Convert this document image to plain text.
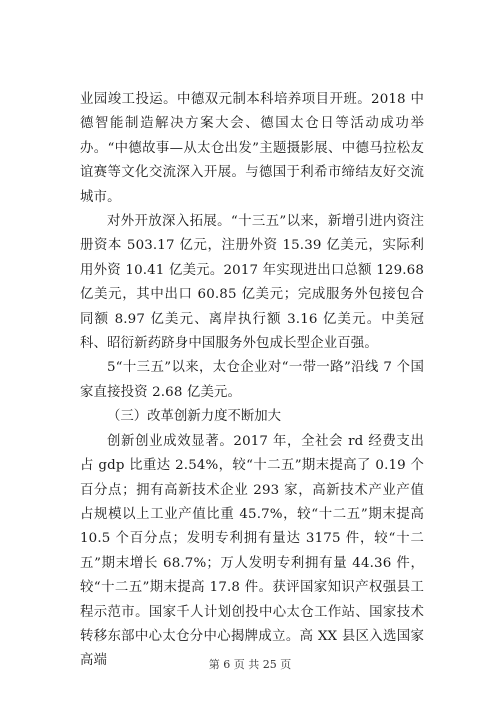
业园竣工投运。中德双元制本科培养项目开班。2018 中德智能制造解决方案大会、德国太仓日等活动成功举办。“中德故事—从太仓出发”主题摄影展、中德马拉松友谊赛等文化交流深入开展。与德国于利希市缔结友好交流城市。

对外开放深入拓展。“十三五”以来，新增引进内资注册资本 503.17 亿元，注册外资 15.39 亿美元，实际利用外资 10.41 亿美元。2017 年实现进出口总额 129.68 亿美元，其中出口 60.85 亿美元；完成服务外包接包合同额 8.97 亿美元、离岸执行额 3.16 亿美元。中美冠科、昭衍新药跻身中国服务外包成长型企业百强。

5“十三五”以来，太仓企业对“一带一路”沿线 7 个国家直接投资 2.68 亿美元。

（三）改革创新力度不断加大

创新创业成效显著。2017 年，全社会 rd 经费支出占 gdp 比重达 2.54%，较“十二五”期末提高了 0.19 个百分点；拥有高新技术企业 293 家，高新技术产业产值占规模以上工业产值比重 45.7%，较“十二五”期末提高 10.5 个百分点；发明专利拥有量达 3175 件，较“十二五”期末增长 68.7%；万人发明专利拥有量 44.36 件，较“十二五”期末提高 17.8 件。获评国家知识产权强县工程示范市。国家千人计划创投中心太仓工作站、国家技术转移东部中心太仓分中心揭牌成立。高 XX 县区入选国家高端	第 6 页 共 25 页
